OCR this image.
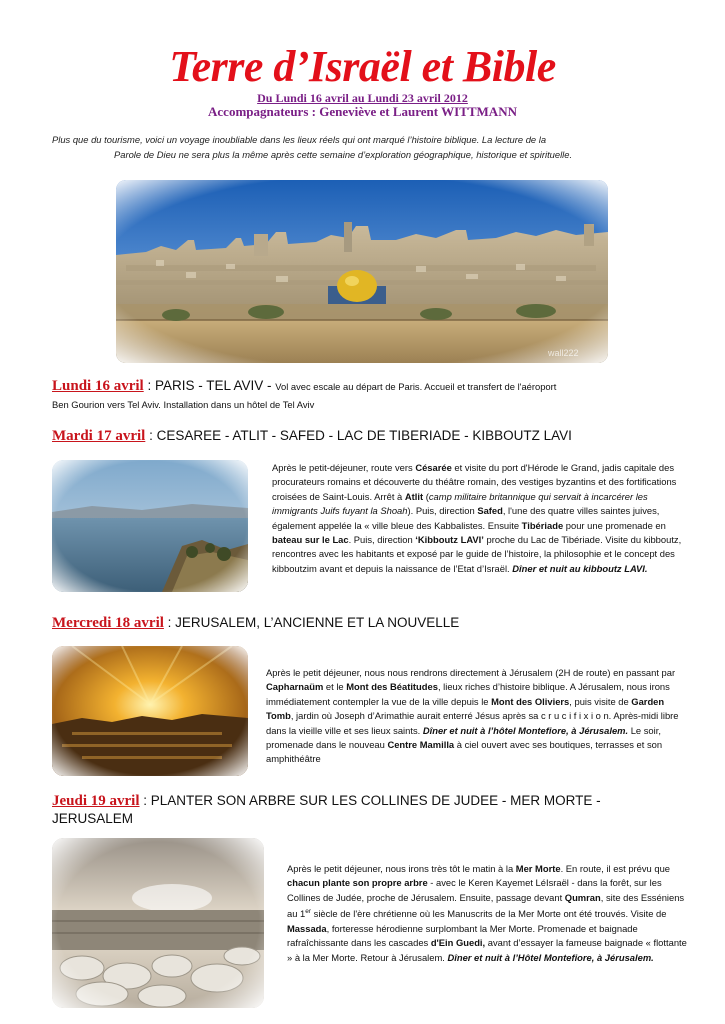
Terre d’Israël et Bible
Du Lundi 16 avril au Lundi 23 avril 2012
Accompagnateurs : Geneviève et Laurent WITTMANN
Plus que du tourisme, voici un voyage inoubliable dans les lieux réels qui ont marqué l’histoire biblique. La lecture de la
Parole de Dieu ne sera plus la même après cette semaine d’exploration géographique, historique et spirituelle.
wall222
Lundi 16 avril : PARIS - TEL AVIV - Vol avec escale au départ de Paris. Accueil et transfert de l'aéroport
Ben Gourion vers Tel Aviv. Installation dans un hôtel de Tel Aviv
Mardi 17 avril : CESAREE - ATLIT - SAFED - LAC DE TIBERIADE - KIBBOUTZ LAVI
Après le petit-déjeuner, route vers Césarée et visite du port d'Hérode le Grand, jadis capitale des procurateurs romains et découverte du théâtre romain, des vestiges byzantins et des fortifications croisées de Saint-Louis. Arrêt à Atlit (camp militaire britannique qui servait à incarcérer les immigrants Juifs fuyant la Shoah). Puis, direction Safed, l'une des quatre villes saintes juives, également appelée la « ville bleue des Kabbalistes. Ensuite Tibériade pour une promenade en bateau sur le Lac. Puis, direction ‘Kibboutz LAVI’ proche du Lac de Tibériade. Visite du kibboutz, rencontres avec les habitants et exposé par le guide de l’histoire, la philosophie et le concept des kibboutzim avant et depuis la naissance de l’Etat d’Israël. Dîner et nuit au kibboutz LAVI.
Mercredi 18 avril : JERUSALEM, L’ANCIENNE ET LA NOUVELLE
Après le petit déjeuner, nous nous rendrons directement à Jérusalem (2H de route) en passant par Capharnaüm et le Mont des Béatitudes, lieux riches d’histoire biblique. A Jérusalem, nous irons immédiatement contempler la vue de la ville depuis le Mont des Oliviers, puis visite de Garden Tomb, jardin où Joseph d’Arimathie aurait enterré Jésus après sa c r u c i f i x i o n. Après-midi libre dans la vieille ville et ses lieux saints. Dîner et nuit à l’hôtel Montefiore, à Jérusalem. Le soir, promenade dans le nouveau Centre Mamilla à ciel ouvert avec ses boutiques, terrasses et son amphithéâtre
Jeudi 19 avril : PLANTER SON ARBRE SUR LES COLLINES DE JUDEE - MER MORTE -
JERUSALEM
Après le petit déjeuner, nous irons très tôt le matin à la Mer Morte. En route, il est prévu que chacun plante son propre arbre - avec le Keren Kayemet LéIsraël - dans la forêt, sur les Collines de Judée, proche de Jérusalem. Ensuite, passage devant Qumran, site des Esséniens au 1er siècle de l'ère chrétienne où les Manuscrits de la Mer Morte ont été trouvés. Visite de Massada, forteresse hérodienne surplombant la Mer Morte. Promenade et baignade rafraîchissante dans les cascades d'Ein Guedi, avant d’essayer la fameuse baignade « flottante » à la Mer Morte. Retour à Jérusalem. Dîner et nuit à l’Hôtel Montefiore, à Jérusalem.
